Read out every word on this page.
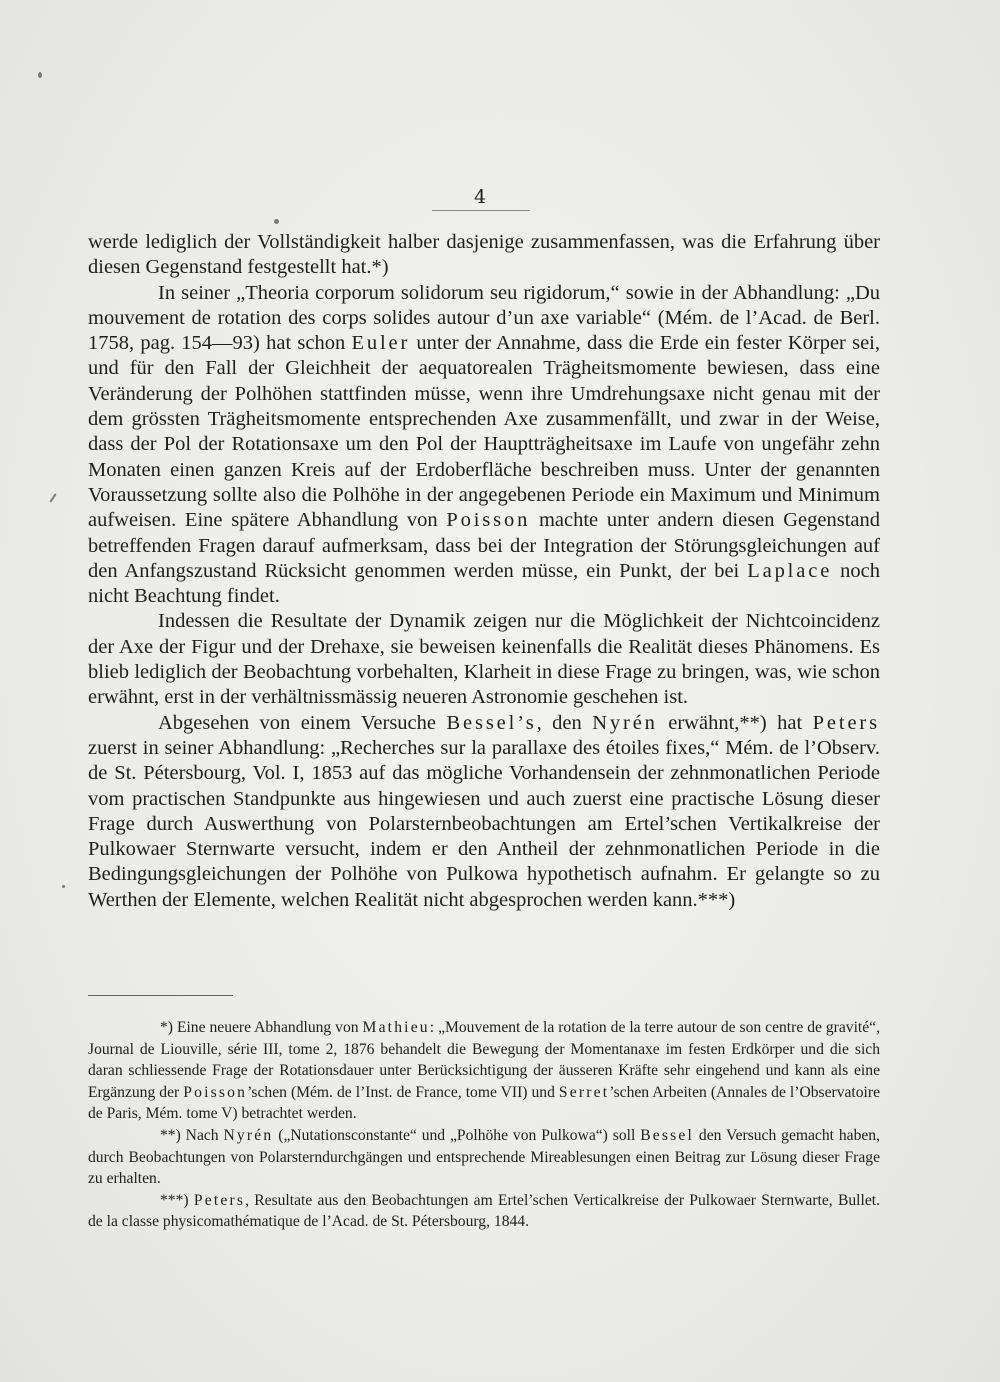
4

werde lediglich der Vollständigkeit halber dasjenige zusammenfassen, was die Erfahrung über diesen Gegenstand festgestellt hat.*)

In seiner „Theoria corporum solidorum seu rigidorum,“ sowie in der Abhandlung: „Du mouvement de rotation des corps solides autour d’un axe variable“ (Mém. de l’Acad. de Berl. 1758, pag. 154—93) hat schon Euler unter der Annahme, dass die Erde ein fester Körper sei, und für den Fall der Gleichheit der aequatorealen Trägheitsmomente bewiesen, dass eine Veränderung der Polhöhen stattfinden müsse, wenn ihre Umdrehungsaxe nicht genau mit der dem grössten Trägheitsmomente entsprechenden Axe zusammenfällt, und zwar in der Weise, dass der Pol der Rotationsaxe um den Pol der Hauptträgheitsaxe im Laufe von ungefähr zehn Monaten einen ganzen Kreis auf der Erdoberfläche beschreiben muss. Unter der genannten Voraussetzung sollte also die Polhöhe in der angegebenen Periode ein Maximum und Minimum aufweisen. Eine spätere Abhandlung von Poisson machte unter andern diesen Gegenstand betreffenden Fragen darauf aufmerksam, dass bei der Integration der Störungsgleichungen auf den Anfangszustand Rücksicht genommen werden müsse, ein Punkt, der bei Laplace noch nicht Beachtung findet.

Indessen die Resultate der Dynamik zeigen nur die Möglichkeit der Nichtcoincidenz der Axe der Figur und der Drehaxe, sie beweisen keinenfalls die Realität dieses Phänomens. Es blieb lediglich der Beobachtung vorbehalten, Klarheit in diese Frage zu bringen, was, wie schon erwähnt, erst in der verhältnissmässig neueren Astronomie geschehen ist.

Abgesehen von einem Versuche Bessel’s, den Nyrén erwähnt,**) hat Peters zuerst in seiner Abhandlung: „Recherches sur la parallaxe des étoiles fixes,“ Mém. de l’Observ. de St. Pétersbourg, Vol. I, 1853 auf das mögliche Vorhandensein der zehnmonatlichen Periode vom practischen Standpunkte aus hingewiesen und auch zuerst eine practische Lösung dieser Frage durch Auswerthung von Polarsternbeobachtungen am Ertel’schen Vertikalkreise der Pulkowaer Sternwarte versucht, indem er den Antheil der zehnmonatlichen Periode in die Bedingungsgleichungen der Polhöhe von Pulkowa hypothetisch aufnahm. Er gelangte so zu Werthen der Elemente, welchen Realität nicht abgesprochen werden kann.***)

*) Eine neuere Abhandlung von Mathieu: „Mouvement de la rotation de la terre autour de son centre de gravité“, Journal de Liouville, série III, tome 2, 1876 behandelt die Bewegung der Momentanaxe im festen Erdkörper und die sich daran schliessende Frage der Rotationsdauer unter Berücksichtigung der äusseren Kräfte sehr eingehend und kann als eine Ergänzung der Poisson’schen (Mém. de l’Inst. de France, tome VII) und Serret’schen Arbeiten (Annales de l’Observatoire de Paris, Mém. tome V) betrachtet werden.

**) Nach Nyrén („Nutationsconstante“ und „Polhöhe von Pulkowa“) soll Bessel den Versuch gemacht haben, durch Beobachtungen von Polarsterndurchgängen und entsprechende Mireablesungen einen Beitrag zur Lösung dieser Frage zu erhalten.

***) Peters, Resultate aus den Beobachtungen am Ertel’schen Verticalkreise der Pulkowaer Sternwarte, Bullet. de la classe physicomathématique de l’Acad. de St. Pétersbourg, 1844.
